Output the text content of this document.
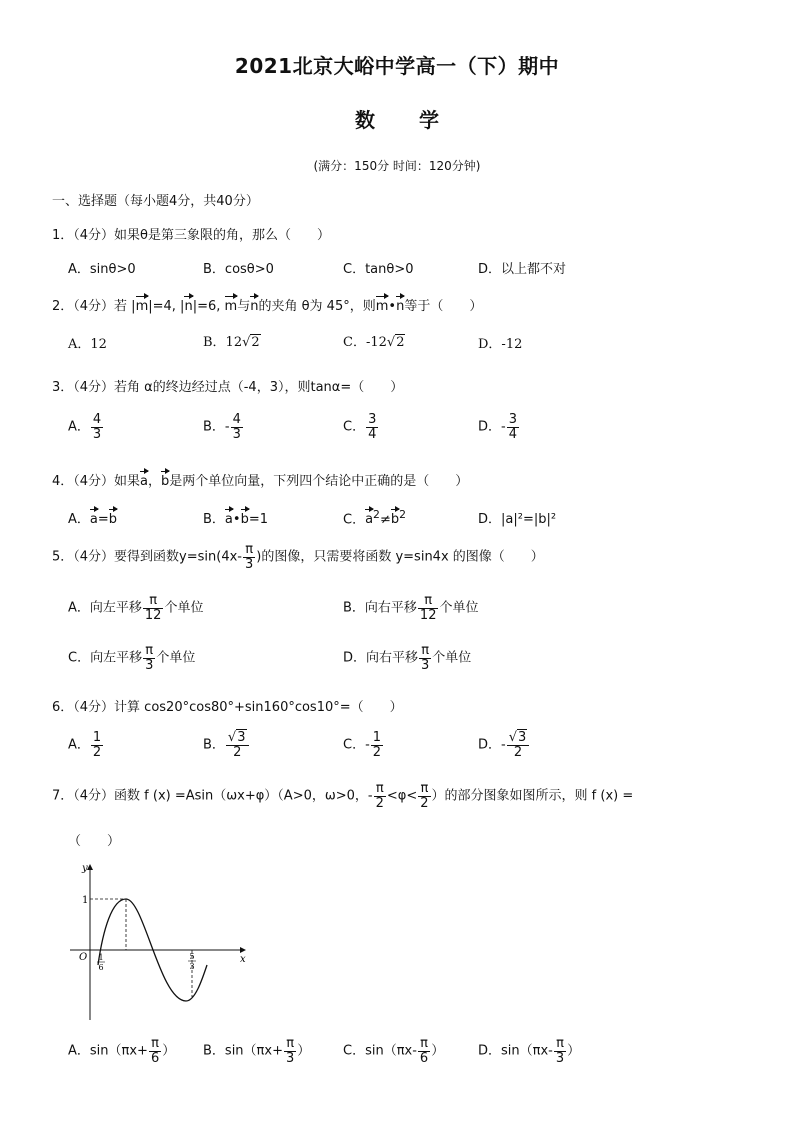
2021北京大峪中学高一（下）期中
数 学
(满分：150分 时间：120分钟)
一、选择题（每小题4分，共40分）
1．（4分）如果θ是第三象限的角，那么（　　）
A．sinθ>0	B．cosθ>0	C．tanθ>0	D．以上都不对
2．（4分）若 |m|=4, |n|=6, m与n的夹角 θ为 45°，则m•n等于（　　）
A．12	B．12√2	C．-12√2	D．-12
3．（4分）若角 α的终边经过点（-4，3），则tanα=（　　）
A． $\frac{4}{3}$	B．- $\frac{4}{3}$	C． $\frac{3}{4}$	D．- $\frac{3}{4}$
4．（4分）如果a，b是两个单位向量，下列四个结论中正确的是（　　）
A．a=b	B．a•b=1	C．$a^2\ne b^2$	D．|a|²=|b|²
5．（4分）要得到函数$y=\sin(4x- \frac{\pi}{3}$ )的图像，只需要将函数 y=sin4x 的图像（　　）
A．向左平移 $\frac{\pi}{12}$ 个单位	B．向右平移 $\frac{\pi}{12}$ 个单位
C．向左平移 $\frac{\pi}{3}$ 个单位	D．向右平移 $\frac{\pi}{3}$ 个单位
6．（4分）计算 cos20°cos80°+sin160°cos10°=（　　）
A． $\frac{1}{2}$	B． $\frac{√3}{2}$	C．- $\frac{1}{2}$	D．- $\frac{√3}{2}$
7．（4分）函数 f (x) =Asin（ωx+φ）（A>0，ω>0，- $\frac{\pi}{2} <\varphi< \frac{\pi}{2}$ ）的部分图象如图所示，则 f (x) =
（　　）
x
y
O
1
1
6
5
3
A．$\sin(\pi x+ \frac{\pi}{6}$ ） B．$\sin(\pi x+ \frac{\pi}{3}$ ）	C．$\sin(\pi x- \frac{\pi}{6}$ ）	D．$\sin(\pi x- \frac{\pi}{3}$ ）
